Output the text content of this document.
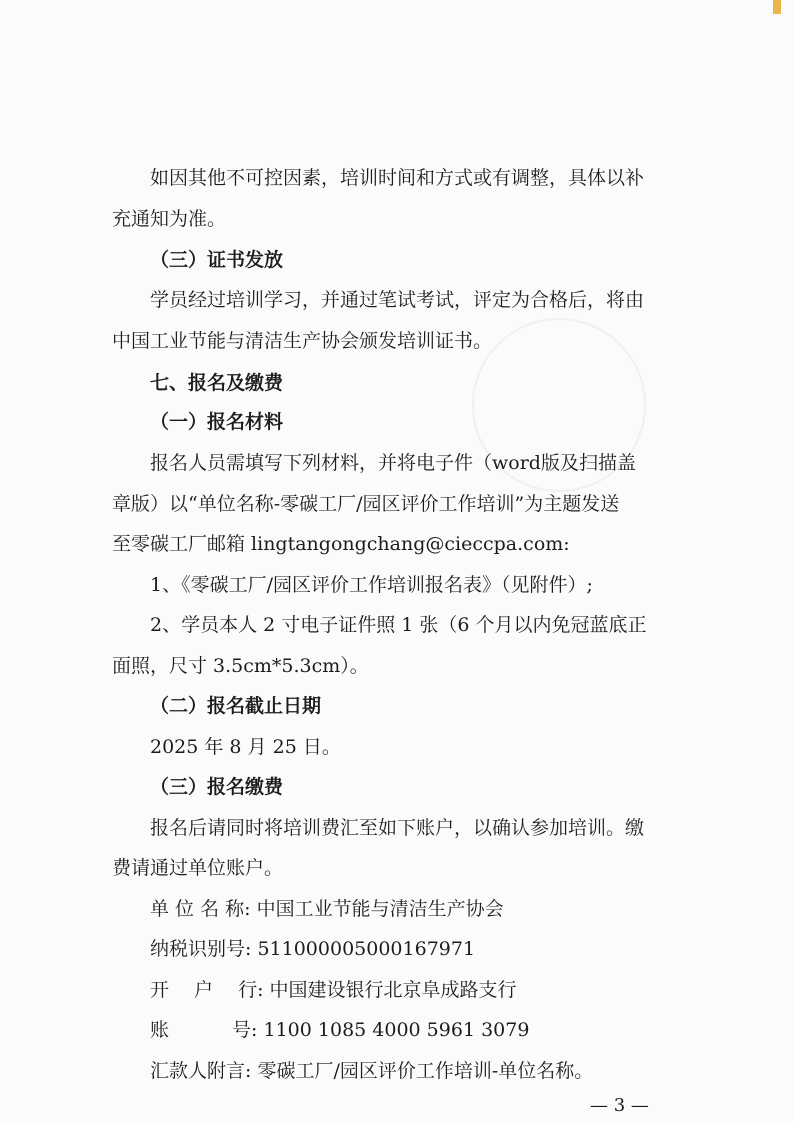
如因其他不可控因素，培训时间和方式或有调整，具体以补
充通知为准。
（三）证书发放
学员经过培训学习，并通过笔试考试，评定为合格后，将由
中国工业节能与清洁生产协会颁发培训证书。
七、报名及缴费
（一）报名材料
报名人员需填写下列材料，并将电子件（word版及扫描盖
章版）以“单位名称-零碳工厂/园区评价工作培训”为主题发送
至零碳工厂邮箱 lingtangongchang@cieccpa.com:
1、《零碳工厂/园区评价工作培训报名表》（见附件）;
2、学员本人 2 寸电子证件照 1 张（6 个月以内免冠蓝底正
面照，尺寸 3.5cm*5.3cm）。
（二）报名截止日期
2025 年 8 月 25 日。
（三）报名缴费
报名后请同时将培训费汇至如下账户，以确认参加培训。缴
费请通过单位账户。
单 位 名 称: 中国工业节能与清洁生产协会
纳税识别号: 511000005000167971
开　 户　 行: 中国建设银行北京阜成路支行
账　　　 号: 1100 1085 4000 5961 3079
汇款人附言: 零碳工厂/园区评价工作培训-单位名称。
— 3 —
